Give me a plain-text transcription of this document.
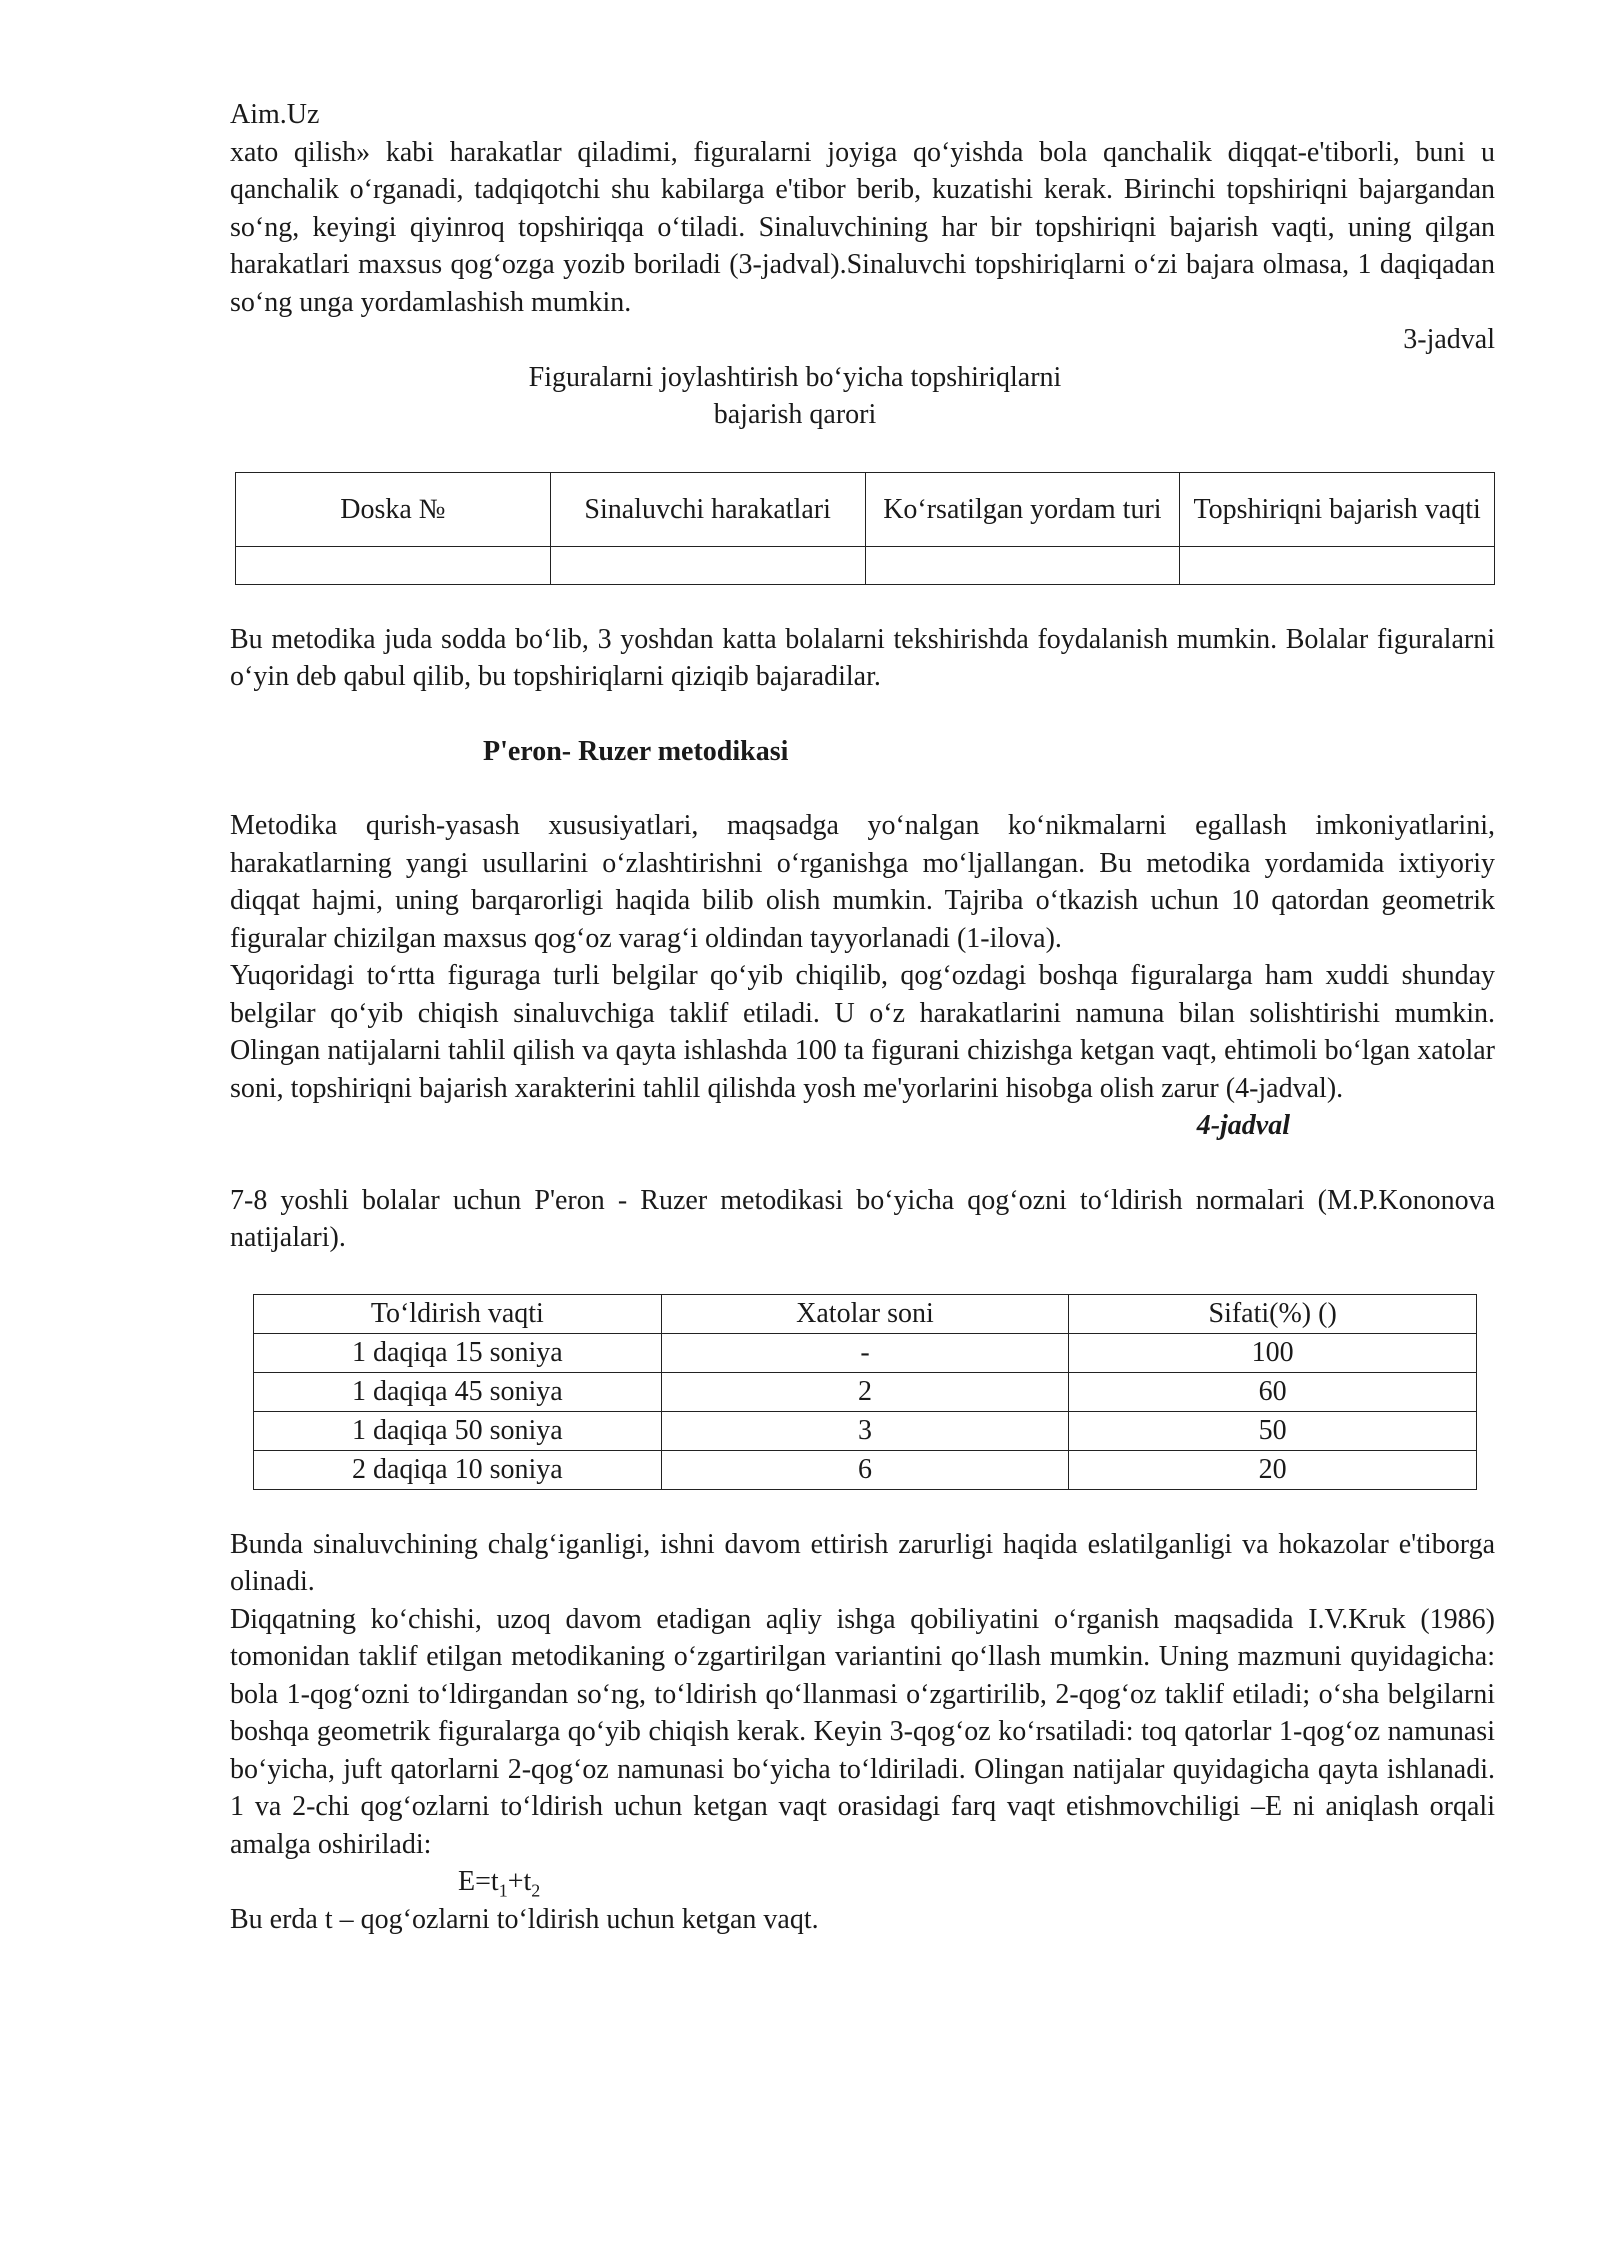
Aim.Uz

xato qilish» kabi harakatlar qiladimi, figuralarni joyiga qo‘yishda bola qanchalik diqqat-e'tiborli, buni u qanchalik o‘rganadi, tadqiqotchi shu kabilarga e'tibor berib, kuzatishi kerak. Birinchi topshiriqni bajargandan so‘ng, keyingi qiyinroq topshiriqqa o‘tiladi. Sinaluvchining har bir topshiriqni bajarish vaqti, uning qilgan harakatlari maxsus qog‘ozga yozib boriladi (3-jadval).Sinaluvchi topshiriqlarni o‘zi bajara olmasa, 1 daqiqadan so‘ng unga yordamlashish mumkin.

3-jadval

Figuralarni joylashtirish bo‘yicha topshiriqlarni
bajarish qarori
Doska №	Sinaluvchi harakatlari	Ko‘rsatilgan yordam turi	Topshiriqni bajarish vaqti

Bu metodika juda sodda bo‘lib, 3 yoshdan katta bolalarni tekshirishda foydalanish mumkin. Bolalar figuralarni o‘yin deb qabul qilib, bu topshiriqlarni qiziqib bajaradilar.

P'eron- Ruzer metodikasi

Metodika qurish-yasash xususiyatlari, maqsadga yo‘nalgan ko‘nikmalarni egallash imkoniyatlarini, harakatlarning yangi usullarini o‘zlashtirishni o‘rganishga mo‘ljallangan. Bu metodika yordamida ixtiyoriy diqqat hajmi, uning barqarorligi haqida bilib olish mumkin. Tajriba o‘tkazish uchun 10 qatordan geometrik figuralar chizilgan maxsus qog‘oz varag‘i oldindan tayyorlanadi (1-ilova).

Yuqoridagi to‘rtta figuraga turli belgilar qo‘yib chiqilib, qog‘ozdagi boshqa figuralarga ham xuddi shunday belgilar qo‘yib chiqish sinaluvchiga taklif etiladi. U o‘z harakatlarini namuna bilan solishtirishi mumkin. Olingan natijalarni tahlil qilish va qayta ishlashda 100 ta figurani chizishga ketgan vaqt, ehtimoli bo‘lgan xatolar soni, topshiriqni bajarish xarakterini tahlil qilishda yosh me'yorlarini hisobga olish zarur (4-jadval).

4-jadval

7-8 yoshli bolalar uchun P'eron - Ruzer metodikasi bo‘yicha qog‘ozni to‘ldirish normalari (M.P.Kononova natijalari).

To‘ldirish vaqti	Xatolar soni	Sifati(%) ()
1 daqiqa 15 soniya	-	100
1 daqiqa 45 soniya	2	60
1 daqiqa 50 soniya	3	50
2 daqiqa 10 soniya	6	20

Bunda sinaluvchining chalg‘iganligi, ishni davom ettirish zarurligi haqida eslatilganligi va hokazolar e'tiborga olinadi.

Diqqatning ko‘chishi, uzoq davom etadigan aqliy ishga qobiliyatini o‘rganish maqsadida I.V.Kruk (1986) tomonidan taklif etilgan metodikaning o‘zgartirilgan variantini qo‘llash mumkin. Uning mazmuni quyidagicha: bola 1-qog‘ozni to‘ldirgandan so‘ng, to‘ldirish qo‘llanmasi o‘zgartirilib, 2-qog‘oz taklif etiladi; o‘sha belgilarni boshqa geometrik figuralarga qo‘yib chiqish kerak. Keyin 3-qog‘oz ko‘rsatiladi: toq qatorlar 1-qog‘oz namunasi bo‘yicha, juft qatorlarni 2-qog‘oz namunasi bo‘yicha to‘ldiriladi. Olingan natijalar quyidagicha qayta ishlanadi. 1 va 2-chi qog‘ozlarni to‘ldirish uchun ketgan vaqt orasidagi farq vaqt etishmovchiligi –E ni aniqlash orqali amalga oshiriladi:

$E=t_1+t_2$

Bu erda t – qog‘ozlarni to‘ldirish uchun ketgan vaqt.
